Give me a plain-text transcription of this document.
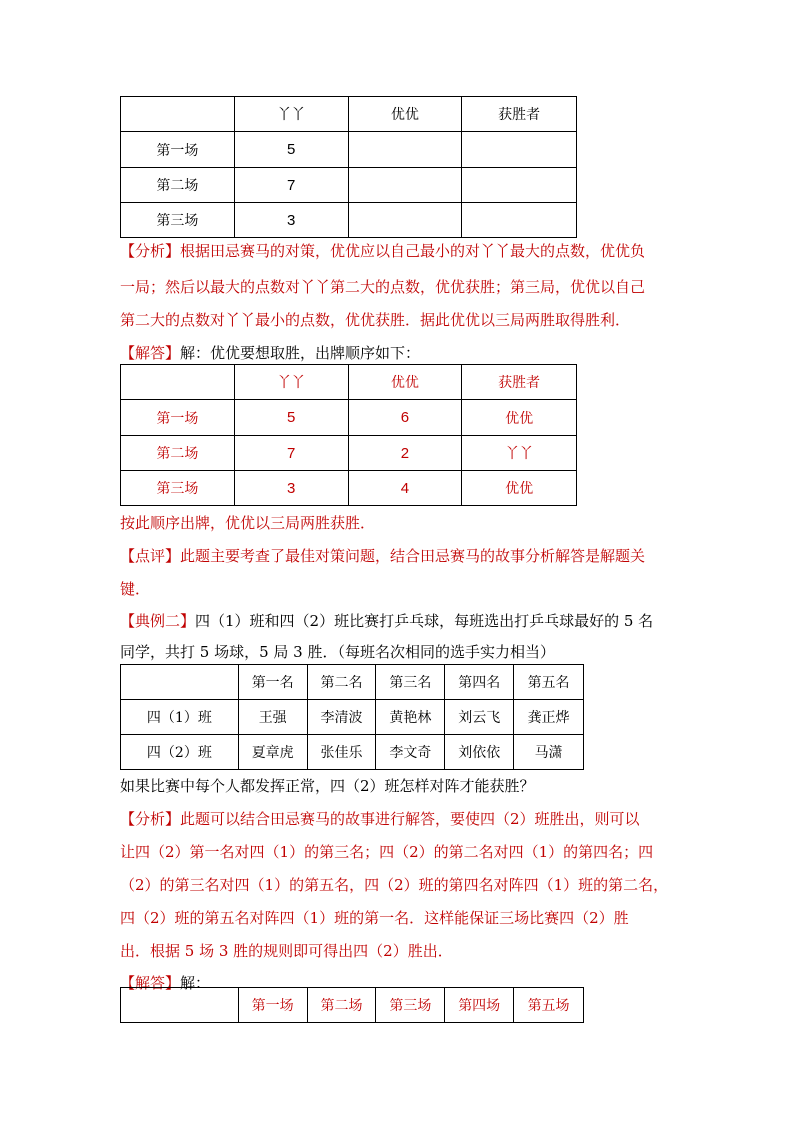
	丫丫	优优	获胜者
第一场	5		
第二场	7		
第三场	3		
【分析】根据田忌赛马的对策，优优应以自己最小的对丫丫最大的点数，优优负
一局；然后以最大的点数对丫丫第二大的点数，优优获胜；第三局，优优以自己
第二大的点数对丫丫最小的点数，优优获胜．据此优优以三局两胜取得胜利．
【解答】解：优优要想取胜，出牌顺序如下：
	丫丫	优优	获胜者
第一场	5	6	优优
第二场	7	2	丫丫
第三场	3	4	优优
按此顺序出牌，优优以三局两胜获胜．
【点评】此题主要考查了最佳对策问题，结合田忌赛马的故事分析解答是解题关
键．
【典例二】四（1）班和四（2）班比赛打乒乓球，每班选出打乒乓球最好的 5 名
同学，共打 5 场球，5 局 3 胜．（每班名次相同的选手实力相当）
	第一名	第二名	第三名	第四名	第五名
四（1）班	王强	李清波	黄艳林	刘云飞	龚正烨
四（2）班	夏章虎	张佳乐	李文奇	刘依依	马潇
如果比赛中每个人都发挥正常，四（2）班怎样对阵才能获胜？
【分析】此题可以结合田忌赛马的故事进行解答，要使四（2）班胜出，则可以
让四（2）第一名对四（1）的第三名；四（2）的第二名对四（1）的第四名；四
（2）的第三名对四（1）的第五名，四（2）班的第四名对阵四（1）班的第二名，
四（2）班的第五名对阵四（1）班的第一名．这样能保证三场比赛四（2）胜
出．根据 5 场 3 胜的规则即可得出四（2）胜出．
【解答】解：
	第一场	第二场	第三场	第四场	第五场
